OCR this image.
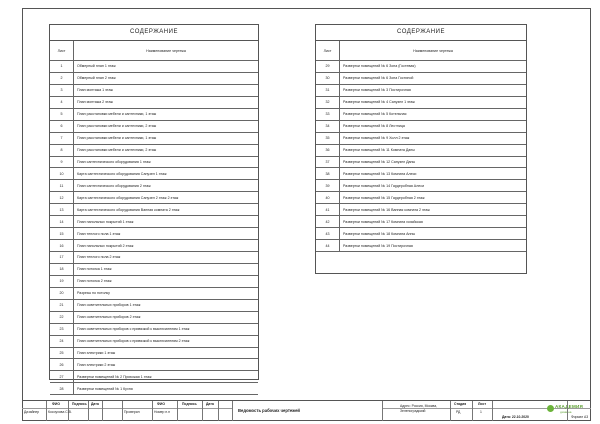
СОДЕРЖАНИЕ
Лист	Наименование чертежа
1	Обмерный план 1 этаж
2	Обмерный план 2 этаж
3	План монтажа 1 этаж
4	План монтажа 2 этаж
5	План расстановки мебели и сантехники, 1 этаж
6	План расстановки мебели и сантехники, 2 этаж
7	План расстановки мебели и сантехники, 1 этаж
8	План расстановки мебели и сантехники, 2 этаж
9	План сантехнического оборудования 1 этаж
10	Карта сантехнического оборудования Санузел 1 этаж
11	План сантехнического оборудования 2 этаж
12	Карта сантехнического оборудования Санузел 2 этаж 2 этаж
13	Карта сантехнического оборудования Ванная комната 2 этаж
14	План напольных покрытий 1 этаж
15	План теплого пола 1 этаж
16	План напольных покрытий 2 этаж
17	План теплого пола 2 этаж
18	План потолка 1 этаж
19	План потолка 2 этаж
20	Разрезы по потолку
21	План осветительных приборов 1 этаж
22	План осветительных приборов 2 этаж
23	План осветительных приборов с привязкой к выключателям 1 этаж
24	План осветительных приборов с привязкой к выключателям 2 этаж
25	План электрики 1 этаж
26	План электрики 2 этаж
27	Развертки помещений № 2 Прихожая 1 этаж
28	Развертки помещений № 1 Кухня
СОДЕРЖАНИЕ
Лист	Наименование чертежа
29	Развертки помещений № 6 Зона (Гостевая)
30	Развертки помещений № 6 Зона Гостиной
31	Развертки помещений № 3 Постирочная
32	Развертки помещений № 4 Санузел 1 этаж
33	Развертки помещений № 5 Котельная
34	Развертки помещений № 8 Лестница
35	Развертки помещений № 9 Холл 2 этаж
36	Развертки помещений № 11 Комната Даны
37	Развертки помещений № 12 Санузел Даны
38	Развертки помещений № 13 Комната Алеси
39	Развертки помещений № 14 Гардеробная Алеси
40	Развертки помещений № 15 Гардеробная 2 этаж
41	Развертки помещений № 16 Ванная комната 2 этаж
42	Развертки помещений № 17 Комната хозяйская
43	Развертки помещений № 18 Комната Анны
44	Развертки помещений № 19 Постирочная
ФИО	Подпись Дата
Дизайнер	Косоухова С.В.
ФИО	Подпись	Дата
Проверил	Номер п.п	Ведомость рабочих чертежей
Адрес: Россия, Москва, Зеленоградский
Стадия
РД
Лист
1
АКАДЕМИЯ
дизайна
Дата: 22.10.2020	Формат А3
